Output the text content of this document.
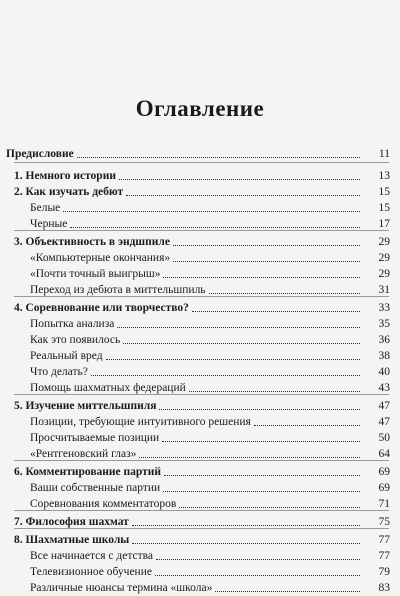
Оглавление
Предисловие	11
1. Немного истории	13
2. Как изучать дебют	15
Белые	15
Черные	17
3. Объективность в эндшпиле	29
«Компьютерные окончания»	29
«Почти точный выигрыш»	29
Переход из дебюта в миттельшпиль	31
4. Соревнование или творчество?	33
Попытка анализа	35
Как это появилось	36
Реальный вред	38
Что делать?	40
Помощь шахматных федераций	43
5. Изучение миттельшпиля	47
Позиции, требующие интуитивного решения	47
Просчитываемые позиции	50
«Рентгеновский глаз»	64
6. Комментирование партий	69
Ваши собственные партии	69
Соревнования комментаторов	71
7. Философия шахмат	75
8. Шахматные школы	77
Все начинается с детства	77
Телевизионное обучение	79
Различные нюансы термина «школа»	83
